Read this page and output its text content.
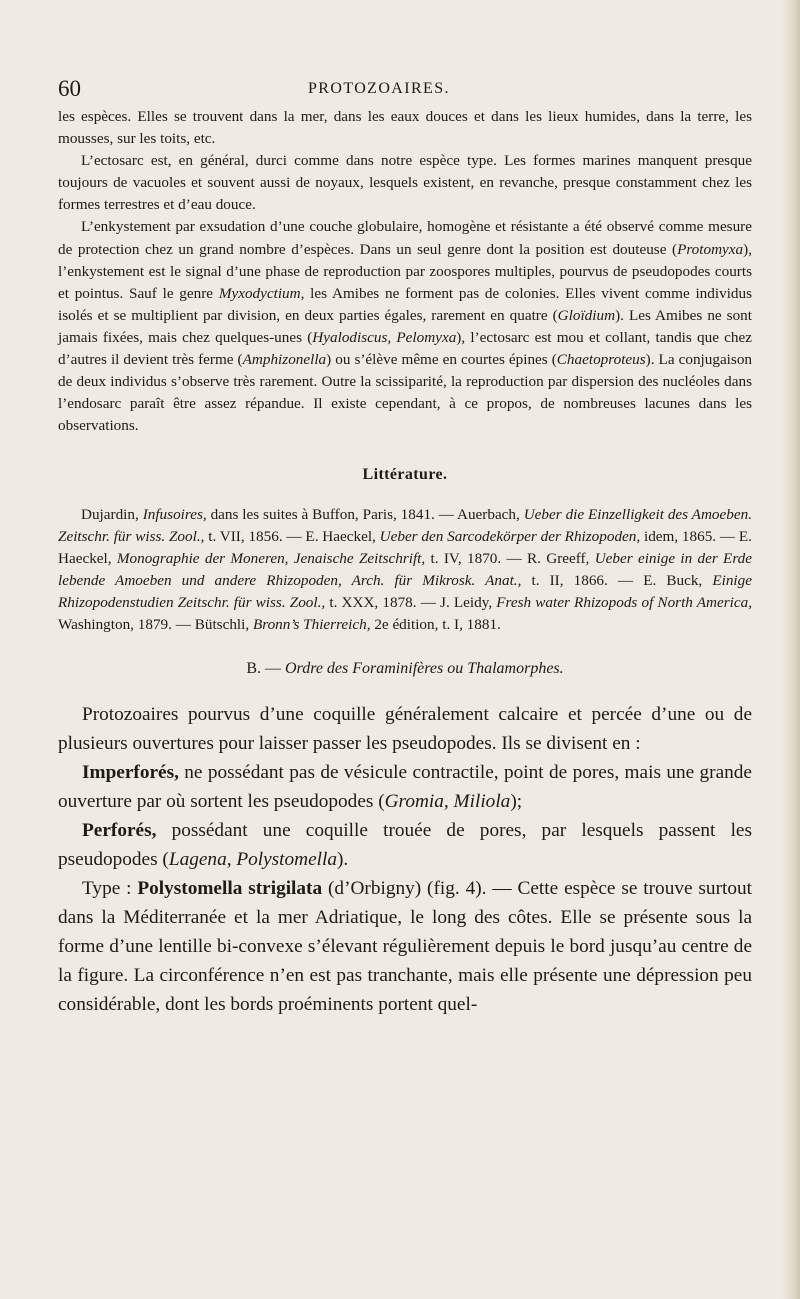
60	PROTOZOAIRES.

les espèces. Elles se trouvent dans la mer, dans les eaux douces et dans les lieux humides, dans la terre, les mousses, sur les toits, etc.

L’ectosarc est, en général, durci comme dans notre espèce type. Les formes marines manquent presque toujours de vacuoles et souvent aussi de noyaux, lesquels existent, en revanche, presque constamment chez les formes terrestres et d’eau douce.

L’enkystement par exsudation d’une couche globulaire, homogène et résistante a été observé comme mesure de protection chez un grand nombre d’espèces. Dans un seul genre dont la position est douteuse (Protomyxa), l’enkystement est le signal d’une phase de reproduction par zoospores multiples, pourvus de pseudopodes courts et pointus. Sauf le genre Myxodyctium, les Amibes ne forment pas de colonies. Elles vivent comme individus isolés et se multiplient par division, en deux parties égales, rarement en quatre (Gloïdium). Les Amibes ne sont jamais fixées, mais chez quelques-unes (Hyalodiscus, Pelomyxa), l’ectosarc est mou et collant, tandis que chez d’autres il devient très ferme (Amphizonella) ou s’élève même en courtes épines (Chaetoproteus). La conjugaison de deux individus s’observe très rarement. Outre la scissiparité, la reproduction par dispersion des nucléoles dans l’endosarc paraît être assez répandue. Il existe cependant, à ce propos, de nombreuses lacunes dans les observations.

Littérature.

Dujardin, Infusoires, dans les suites à Buffon, Paris, 1841. — Auerbach, Ueber die Einzelligkeit des Amoeben. Zeitschr. für wiss. Zool., t. VII, 1856. — E. Haeckel, Ueber den Sarcodekörper der Rhizopoden, idem, 1865. — E. Haeckel, Monographie der Moneren, Jenaische Zeitschrift, t. IV, 1870. — R. Greeff, Ueber einige in der Erde lebende Amoeben und andere Rhizopoden, Arch. für Mikrosk. Anat., t. II, 1866. — E. Buck, Einige Rhizopodenstudien Zeitschr. für wiss. Zool., t. XXX, 1878. — J. Leidy, Fresh water Rhizopods of North America, Washington, 1879. — Bütschli, Bronn’s Thierreich, 2e édition, t. I, 1881.

B. — Ordre des Foraminifères ou Thalamorphes.

Protozoaires pourvus d’une coquille généralement calcaire et percée d’une ou de plusieurs ouvertures pour laisser passer les pseudopodes. Ils se divisent en :

Imperforés, ne possédant pas de vésicule contractile, point de pores, mais une grande ouverture par où sortent les pseudopodes (Gromia, Miliola);

Perforés, possédant une coquille trouée de pores, par lesquels passent les pseudopodes (Lagena, Polystomella).

Type : Polystomella strigilata (d’Orbigny) (fig. 4). — Cette espèce se trouve surtout dans la Méditerranée et la mer Adriatique, le long des côtes. Elle se présente sous la forme d’une lentille bi-convexe s’élevant régulièrement depuis le bord jusqu’au centre de la figure. La circonférence n’en est pas tranchante, mais elle présente une dépression peu considérable, dont les bords proéminents portent quel-
